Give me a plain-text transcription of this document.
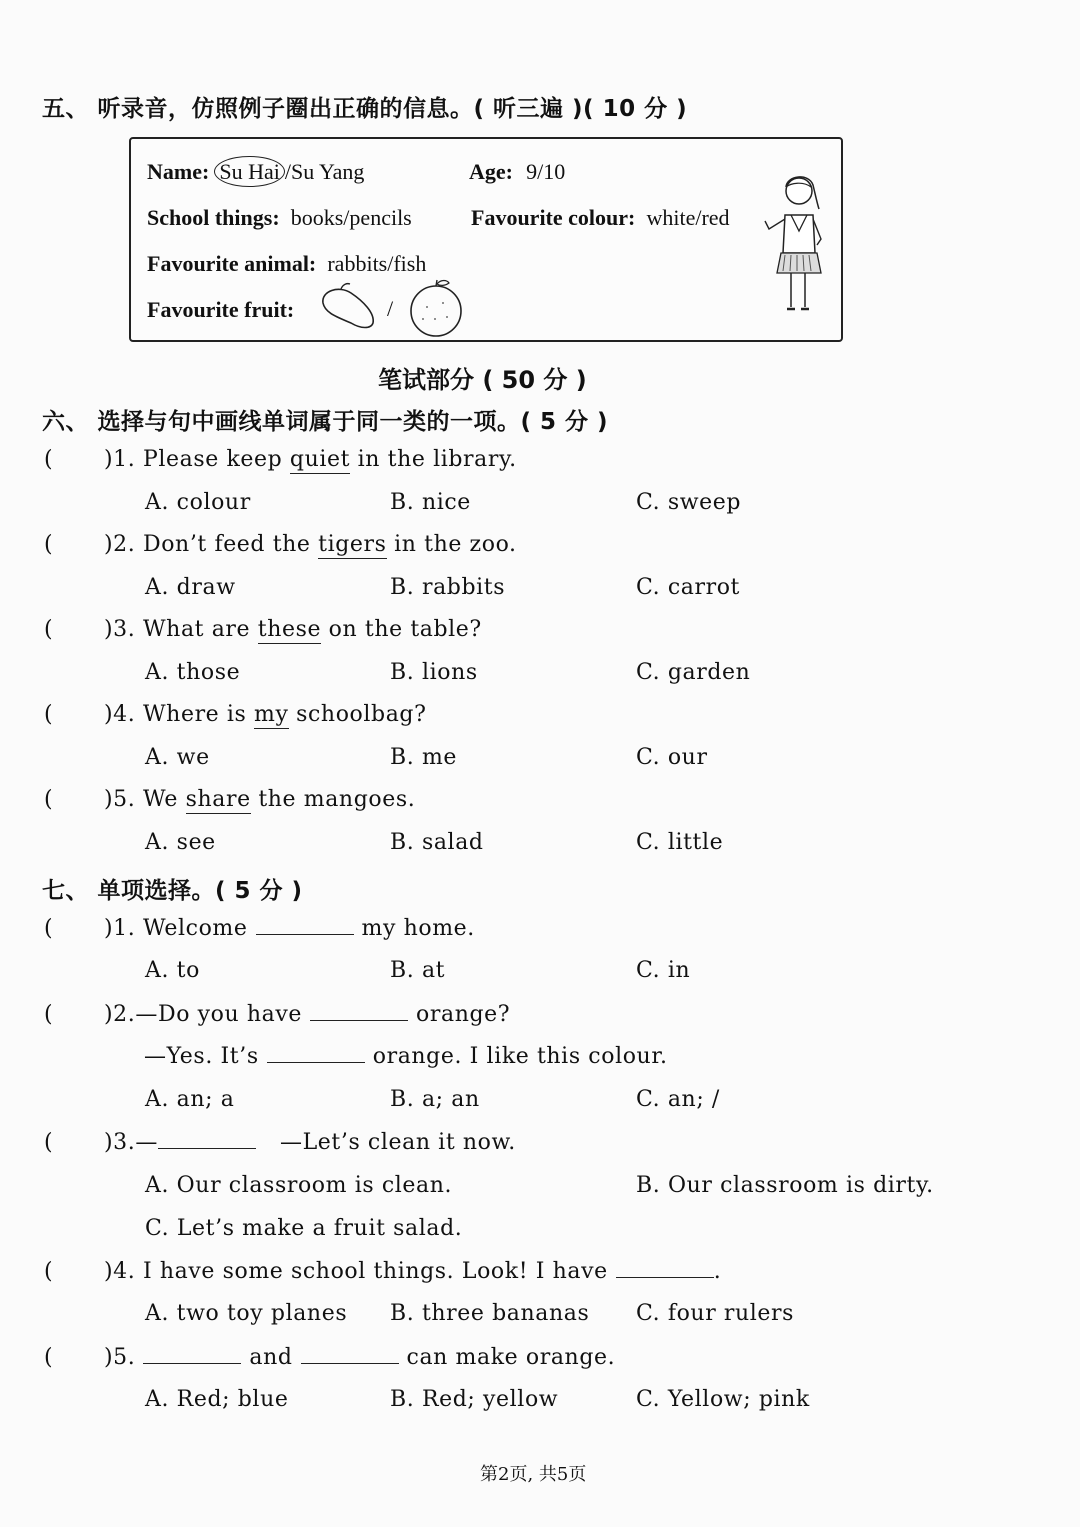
五、 听录音，仿照例子圈出正确的信息。( 听三遍 )( 10 分 )
Name: Su Hai /Su Yang	Age: 9/10
School things: books/pencils	Favourite colour: white/red
Favourite animal: rabbits/fish
Favourite fruit:	/
笔试部分 ( 50 分 )
六、 选择与句中画线单词属于同一类的一项。( 5 分 )
( )1. Please keep quiet in the library.
A. colour	B. nice	C. sweep
( )2. Don’t feed the tigers in the zoo.
A. draw	B. rabbits	C. carrot
( )3. What are these on the table?
A. those	B. lions	C. garden
( )4. Where is my schoolbag?
A. we	B. me	C. our
( )5. We share the mangoes.
A. see	B. salad	C. little
七、 单项选择。( 5 分 )
( )1. Welcome	my home.
A. to	B. at	C. in
( )2.—Do you have	orange?
—Yes. It’s	orange. I like this colour.
A. an; a	B. a; an	C. an; /
( )3.—	—Let’s clean it now.
A. Our classroom is clean.	B. Our classroom is dirty.
C. Let’s make a fruit salad.
( )4. I have some school things. Look! I have	.
A. two toy planes B. three bananas C. four rulers
( )5.	and	can make orange.
A. Red; blue	B. Red; yellow	C. Yellow; pink
第2页, 共5页
